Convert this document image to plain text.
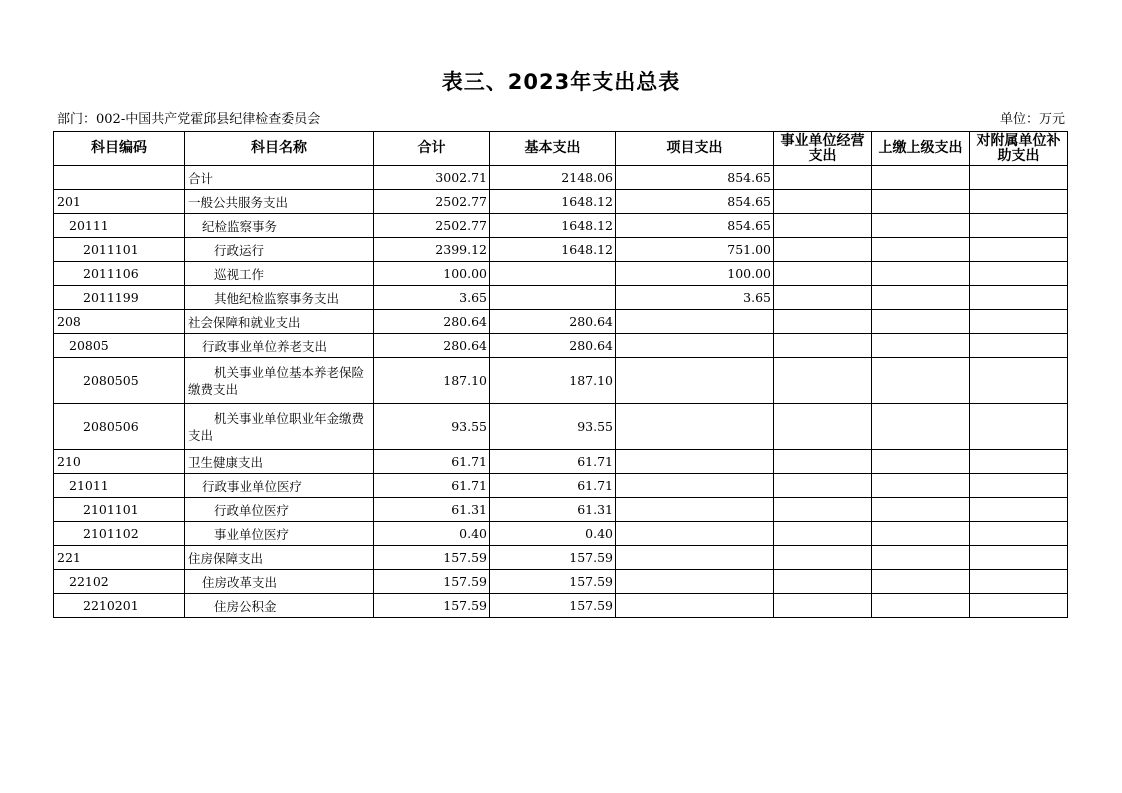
表三、2023年支出总表
部门：002-中国共产党霍邱县纪律检查委员会	单位：万元
科目编码	科目名称	合计	基本支出	项目支出	事业单位经营支出	上缴上级支出	对附属单位补助支出
	合计	3002.71	2148.06	854.65			
201	一般公共服务支出	2502.77	1648.12	854.65			
20111	纪检监察事务	2502.77	1648.12	854.65			
2011101	行政运行	2399.12	1648.12	751.00			
2011106	巡视工作	100.00		100.00			
2011199	其他纪检监察事务支出	3.65		3.65			
208	社会保障和就业支出	280.64	280.64				
20805	行政事业单位养老支出	280.64	280.64				
2080505	机关事业单位基本养老保险缴费支出	187.10	187.10				
2080506	机关事业单位职业年金缴费支出	93.55	93.55				
210	卫生健康支出	61.71	61.71				
21011	行政事业单位医疗	61.71	61.71				
2101101	行政单位医疗	61.31	61.31				
2101102	事业单位医疗	0.40	0.40				
221	住房保障支出	157.59	157.59				
22102	住房改革支出	157.59	157.59				
2210201	住房公积金	157.59	157.59				
